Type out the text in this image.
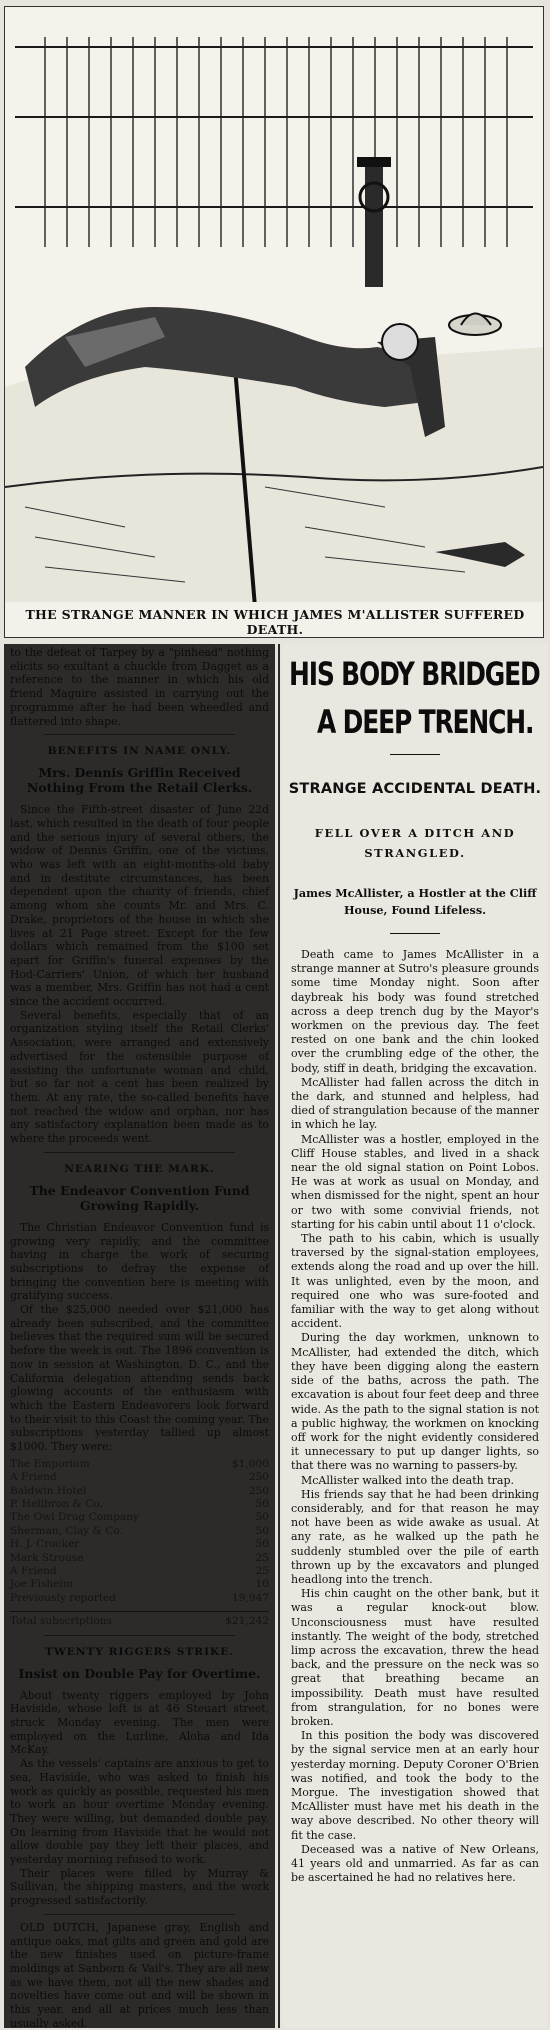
THE STRANGE MANNER IN WHICH JAMES M'ALLISTER SUFFERED DEATH.

to the defeat of Tarpey by a "pinhead" nothing elicits so exultant a chuckle from Dagget as a reference to the manner in which his old friend Maguire assisted in carrying out the programme after he had been wheedled and flattered into shape.

BENEFITS IN NAME ONLY.
Mrs. Dennis Griffin Received Nothing From the Retail Clerks.

Since the Fifth-street disaster of June 22d last, which resulted in the death of four people and the serious injury of several others, the widow of Dennis Griffin, one of the victims, who was left with an eight-months-old baby and in destitute circumstances, has been dependent upon the charity of friends, chief among whom she counts Mr. and Mrs. C. Drake, proprietors of the house in which she lives at 21 Page street. Except for the few dollars which remained from the $100 set apart for Griffin's funeral expenses by the Hod-Carriers' Union, of which her husband was a member, Mrs. Griffin has not had a cent since the accident occurred.

Several benefits, especially that of an organization styling itself the Retail Clerks' Association, were arranged and extensively advertised for the ostensible purpose of assisting the unfortunate woman and child, but so far not a cent has been realized by them. At any rate, the so-called benefits have not reached the widow and orphan, nor has any satisfactory explanation been made as to where the proceeds went.

NEARING THE MARK.
The Endeavor Convention Fund Growing Rapidly.

The Christian Endeavor Convention fund is growing very rapidly, and the committee having in charge the work of securing subscriptions to defray the expense of bringing the convention here is meeting with gratifying success.

Of the $25,000 needed over $21,000 has already been subscribed, and the committee believes that the required sum will be secured before the week is out. The 1896 convention is now in session at Washington, D. C., and the California delegation attending sends back glowing accounts of the enthusiasm with which the Eastern Endeavorers look forward to their visit to this Coast the coming year. The subscriptions yesterday tallied up almost $1000. They were:

The Emporium	$1,000
A Friend	250
Baldwin Hotel	250
P. Hellbron & Co.	50
The Owl Drug Company	50
Sherman, Clay & Co.	50
H. J. Crocker	50
Mark Strouse	25
A Friend	25
Joe Fisheim	10
Previously reported	19,947
Total subscriptions	$21,242
TWENTY RIGGERS STRIKE.
Insist on Double Pay for Overtime.

About twenty riggers employed by John Haviside, whose loft is at 46 Steuart street, struck Monday evening. The men were employed on the Lurline, Aloha and Ida McKay.

As the vessels' captains are anxious to get to sea, Haviside, who was asked to finish his work as quickly as possible, requested his men to work an hour overtime Monday evening. They were willing, but demanded double pay. On learning from Haviside that he would not allow double pay they left their places, and yesterday morning refused to work.

Their places were filled by Murray & Sullivan, the shipping masters, and the work progressed satisfactorily.

OLD DUTCH, Japanese gray, English and antique oaks, mat gilts and green and gold are the new finishes used on picture-frame moldings at Sanborn & Vail's. They are all new as we have them, not all the new shades and novelties have come out and will be shown in this year, and all at prices much less than usually asked.

HIS BODY BRIDGED
A DEEP TRENCH.
STRANGE ACCIDENTAL DEATH.
FELL OVER A DITCH AND STRANGLED.
James McAllister, a Hostler at the Cliff House, Found Lifeless.

Death came to James McAllister in a strange manner at Sutro's pleasure grounds some time Monday night. Soon after daybreak his body was found stretched across a deep trench dug by the Mayor's workmen on the previous day. The feet rested on one bank and the chin looked over the crumbling edge of the other, the body, stiff in death, bridging the excavation.

McAllister had fallen across the ditch in the dark, and stunned and helpless, had died of strangulation because of the manner in which he lay.

McAllister was a hostler, employed in the Cliff House stables, and lived in a shack near the old signal station on Point Lobos. He was at work as usual on Monday, and when dismissed for the night, spent an hour or two with some convivial friends, not starting for his cabin until about 11 o'clock.

The path to his cabin, which is usually traversed by the signal-station employees, extends along the road and up over the hill. It was unlighted, even by the moon, and required one who was sure-footed and familiar with the way to get along without accident.

During the day workmen, unknown to McAllister, had extended the ditch, which they have been digging along the eastern side of the baths, across the path. The excavation is about four feet deep and three wide. As the path to the signal station is not a public highway, the workmen on knocking off work for the night evidently considered it unnecessary to put up danger lights, so that there was no warning to passers-by.

McAllister walked into the death trap.

His friends say that he had been drinking considerably, and for that reason he may not have been as wide awake as usual. At any rate, as he walked up the path he suddenly stumbled over the pile of earth thrown up by the excavators and plunged headlong into the trench.

His chin caught on the other bank, but it was a regular knock-out blow. Unconsciousness must have resulted instantly. The weight of the body, stretched limp across the excavation, threw the head back, and the pressure on the neck was so great that breathing became an impossibility. Death must have resulted from strangulation, for no bones were broken.

In this position the body was discovered by the signal service men at an early hour yesterday morning. Deputy Coroner O'Brien was notified, and took the body to the Morgue. The investigation showed that McAllister must have met his death in the way above described. No other theory will fit the case.

Deceased was a native of New Orleans, 41 years old and unmarried. As far as can be ascertained he had no relatives here.
